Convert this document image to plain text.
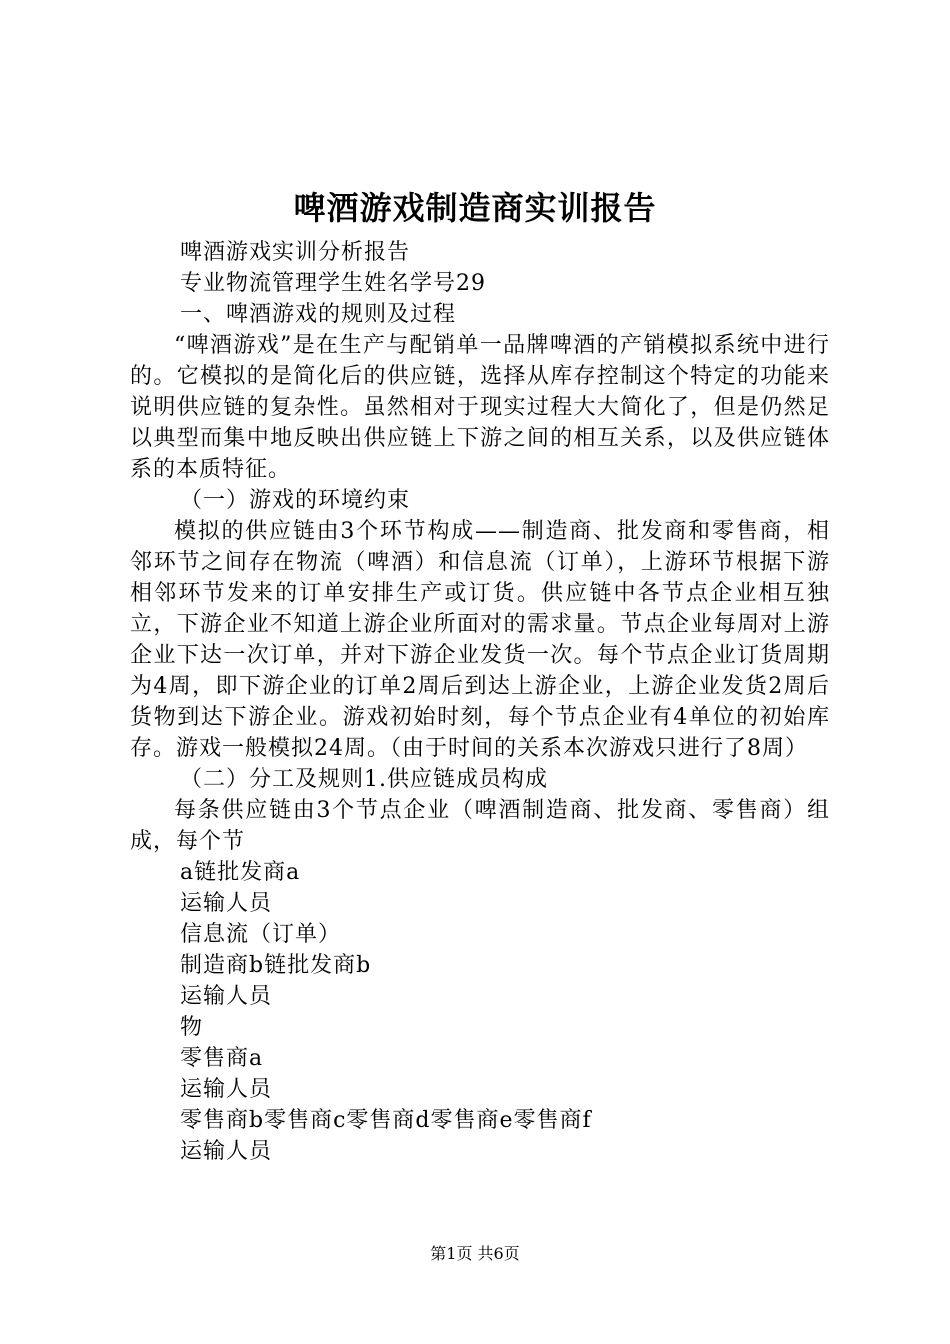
啤酒游戏制造商实训报告
啤酒游戏实训分析报告
专业物流管理学生姓名学号29
一、啤酒游戏的规则及过程

“啤酒游戏”是在生产与配销单一品牌啤酒的产销模拟系统中进行的。它模拟的是简化后的供应链，选择从库存控制这个特定的功能来说明供应链的复杂性。虽然相对于现实过程大大简化了，但是仍然足以典型而集中地反映出供应链上下游之间的相互关系，以及供应链体系的本质特征。

（一）游戏的环境约束

模拟的供应链由3个环节构成——制造商、批发商和零售商，相邻环节之间存在物流（啤酒）和信息流（订单），上游环节根据下游相邻环节发来的订单安排生产或订货。供应链中各节点企业相互独立，下游企业不知道上游企业所面对的需求量。节点企业每周对上游企业下达一次订单，并对下游企业发货一次。每个节点企业订货周期为4周，即下游企业的订单2周后到达上游企业，上游企业发货2周后货物到达下游企业。游戏初始时刻，每个节点企业有4单位的初始库存。游戏一般模拟24周。（由于时间的关系本次游戏只进行了8周）

（二）分工及规则1.供应链成员构成

每条供应链由3个节点企业（啤酒制造商、批发商、零售商）组成，每个节

a链批发商a
运输人员
信息流（订单）
制造商b链批发商b
运输人员
物
零售商a
运输人员
零售商b零售商c零售商d零售商e零售商f
运输人员
第1页 共6页
